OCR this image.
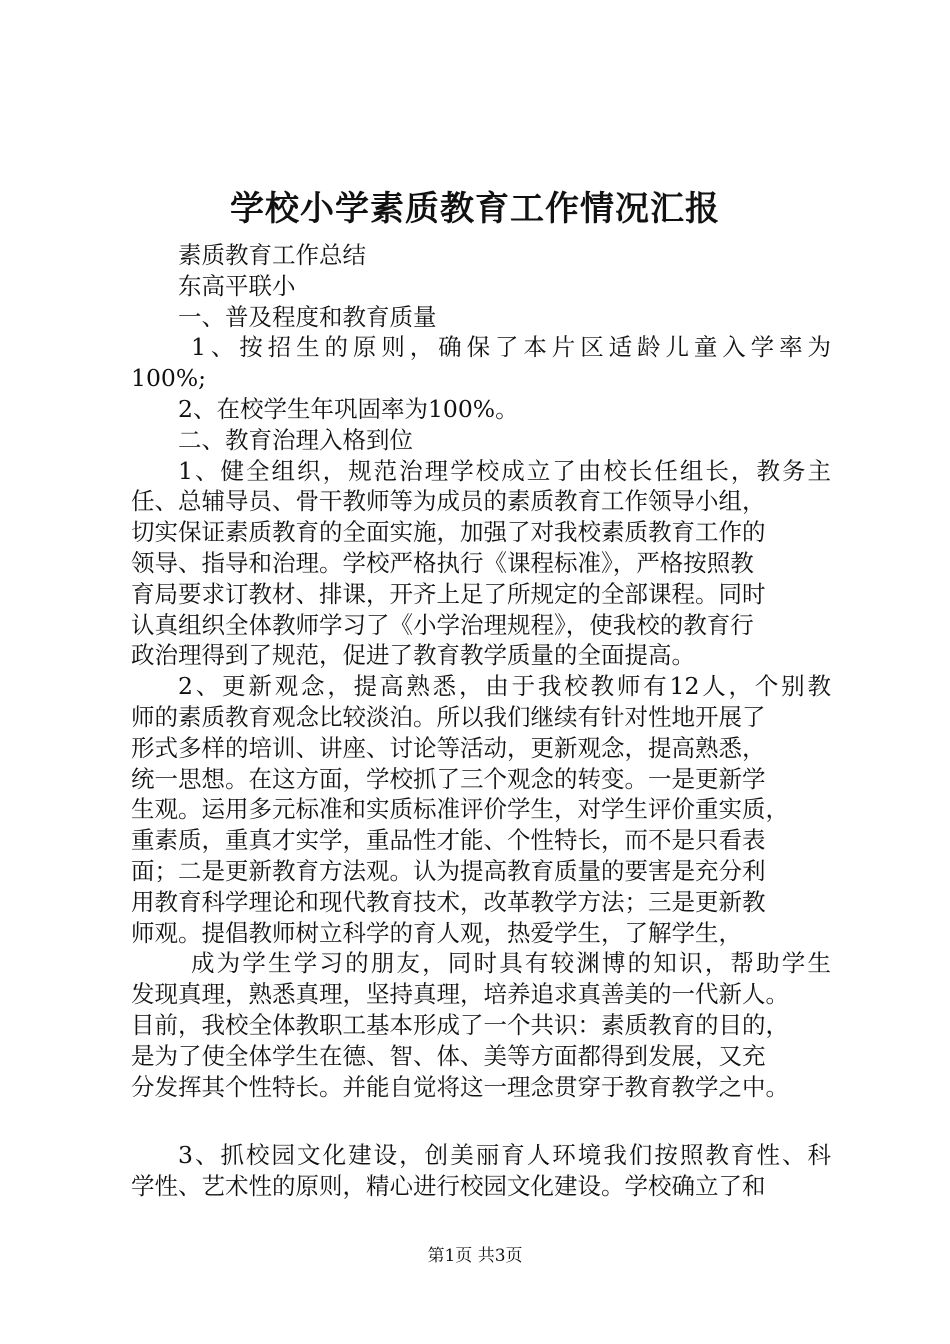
学校小学素质教育工作情况汇报
素质教育工作总结
东高平联小
一、普及程度和教育质量
1、按招生的原则，确保了本片区适龄儿童入学率为
100%;
2、在校学生年巩固率为100%。
二、教育治理入格到位
1、健全组织，规范治理学校成立了由校长任组长，教务主
任、总辅导员、骨干教师等为成员的素质教育工作领导小组，
切实保证素质教育的全面实施，加强了对我校素质教育工作的
领导、指导和治理。学校严格执行《课程标准》，严格按照教
育局要求订教材、排课，开齐上足了所规定的全部课程。同时
认真组织全体教师学习了《小学治理规程》，使我校的教育行
政治理得到了规范，促进了教育教学质量的全面提高。
2、更新观念，提高熟悉，由于我校教师有12人，个别教
师的素质教育观念比较淡泊。所以我们继续有针对性地开展了
形式多样的培训、讲座、讨论等活动，更新观念，提高熟悉，
统一思想。在这方面，学校抓了三个观念的转变。一是更新学
生观。运用多元标准和实质标准评价学生，对学生评价重实质，
重素质，重真才实学，重品性才能、个性特长，而不是只看表
面；二是更新教育方法观。认为提高教育质量的要害是充分利
用教育科学理论和现代教育技术，改革教学方法；三是更新教
师观。提倡教师树立科学的育人观，热爱学生，了解学生，
成为学生学习的朋友，同时具有较渊博的知识，帮助学生
发现真理，熟悉真理，坚持真理，培养追求真善美的一代新人。
目前，我校全体教职工基本形成了一个共识：素质教育的目的，
是为了使全体学生在德、智、体、美等方面都得到发展，又充
分发挥其个性特长。并能自觉将这一理念贯穿于教育教学之中。
3、抓校园文化建设，创美丽育人环境我们按照教育性、科
学性、艺术性的原则，精心进行校园文化建设。学校确立了和
第1页 共3页
